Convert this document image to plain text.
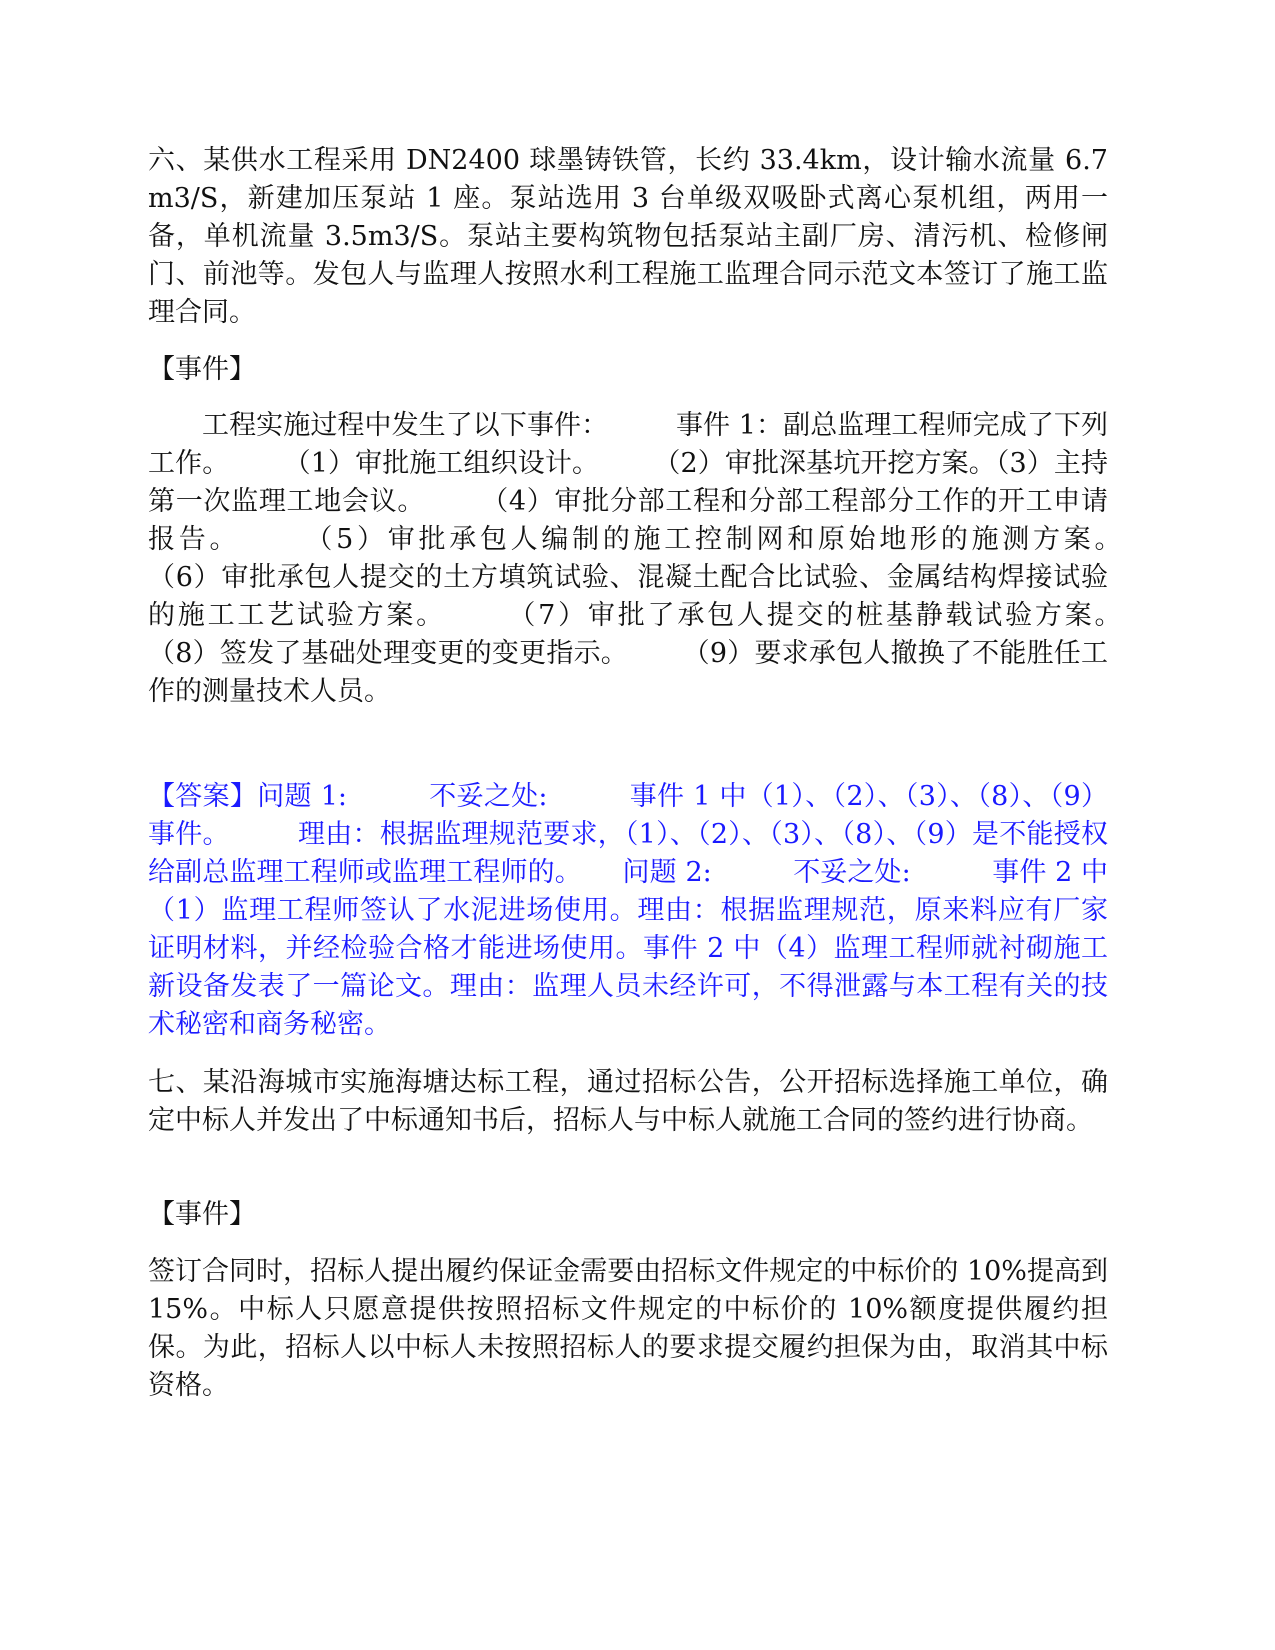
六、某供水工程采用 DN2400 球墨铸铁管，长约 33.4km，设计输水流量 6.7m3/S，新建加压泵站 1 座。泵站选用 3 台单级双吸卧式离心泵机组，两用一备，单机流量 3.5m3/S。泵站主要构筑物包括泵站主副厂房、清污机、检修闸门、前池等。发包人与监理人按照水利工程施工监理合同示范文本签订了施工监理合同。

【事件】

工程实施过程中发生了以下事件：　　　事件 1：副总监理工程师完成了下列工作。　　　（1）审批施工组织设计。　　　（2）审批深基坑开挖方案。（3）主持第一次监理工地会议。　　　（4）审批分部工程和分部工程部分工作的开工申请报告。　　　（5）审批承包人编制的施工控制网和原始地形的施测方案。　　　（6）审批承包人提交的土方填筑试验、混凝土配合比试验、金属结构焊接试验的施工工艺试验方案。　　　（7）审批了承包人提交的桩基静载试验方案。　　　（8）签发了基础处理变更的变更指示。　　　（9）要求承包人撤换了不能胜任工作的测量技术人员。

【答案】问题 1:　　　不妥之处:　　　事件 1 中（1）、（2）、（3）、（8）、（9）事件。　　　理由：根据监理规范要求，（1）、（2）、（3）、（8）、（9）是不能授权给副总监理工程师或监理工程师的。　　问题 2:　　　不妥之处:　　　事件 2 中（1）监理工程师签认了水泥进场使用。理由：根据监理规范，原来料应有厂家证明材料，并经检验合格才能进场使用。事件 2 中（4）监理工程师就衬砌施工新设备发表了一篇论文。理由：监理人员未经许可，不得泄露与本工程有关的技术秘密和商务秘密。

七、某沿海城市实施海塘达标工程，通过招标公告，公开招标选择施工单位，确定中标人并发出了中标通知书后，招标人与中标人就施工合同的签约进行协商。

【事件】

签订合同时，招标人提出履约保证金需要由招标文件规定的中标价的 10%提高到 15%。中标人只愿意提供按照招标文件规定的中标价的 10%额度提供履约担保。为此，招标人以中标人未按照招标人的要求提交履约担保为由，取消其中标资格。
